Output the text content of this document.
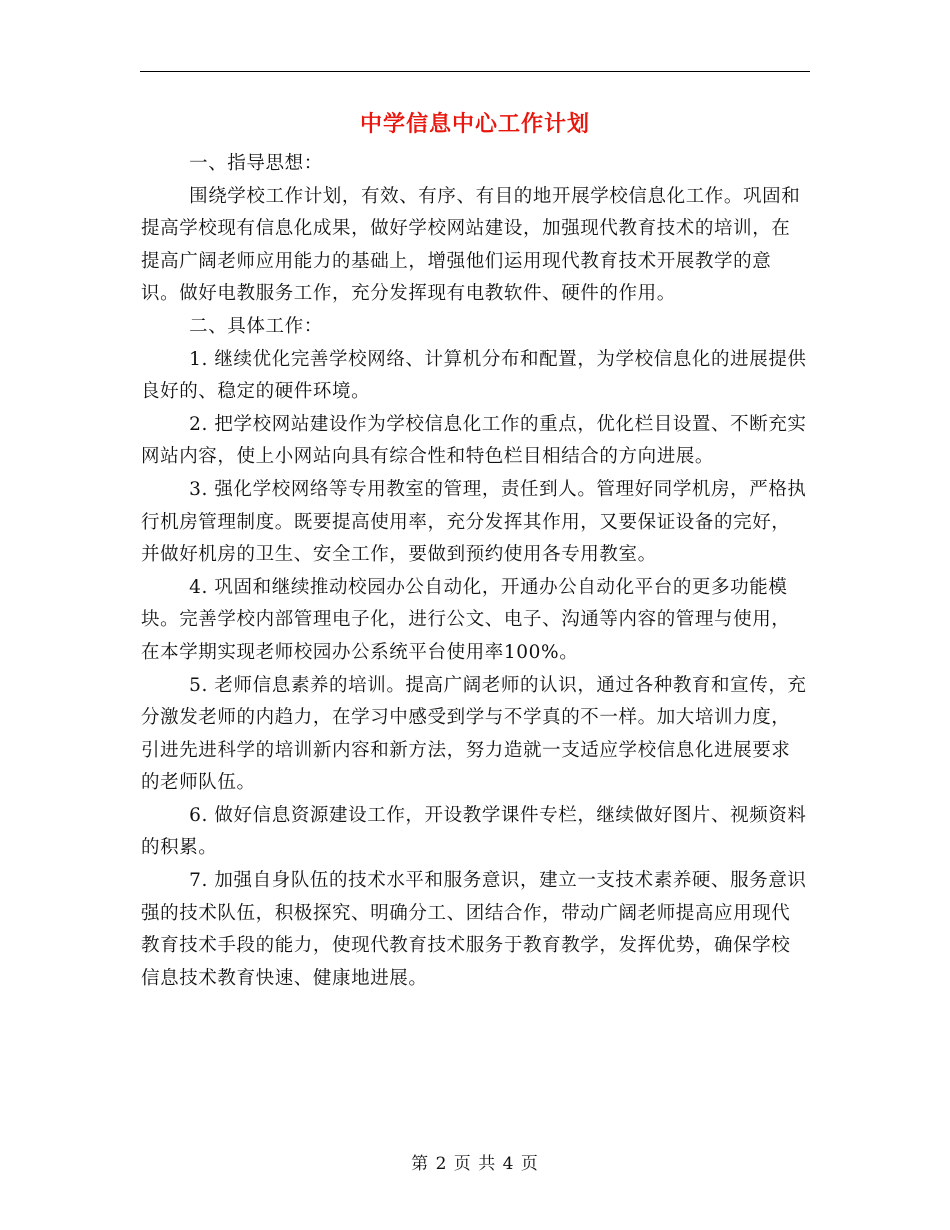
中学信息中心工作计划

一、指导思想：

围绕学校工作计划，有效、有序、有目的地开展学校信息化工作。巩固和提高学校现有信息化成果，做好学校网站建设，加强现代教育技术的培训，在提高广阔老师应用能力的基础上，增强他们运用现代教育技术开展教学的意识。做好电教服务工作，充分发挥现有电教软件、硬件的作用。

二、具体工作：

1. 继续优化完善学校网络、计算机分布和配置，为学校信息化的进展提供良好的、稳定的硬件环境。

2. 把学校网站建设作为学校信息化工作的重点，优化栏目设置、不断充实网站内容，使上小网站向具有综合性和特色栏目相结合的方向进展。

3. 强化学校网络等专用教室的管理，责任到人。管理好同学机房，严格执行机房管理制度。既要提高使用率，充分发挥其作用，又要保证设备的完好，并做好机房的卫生、安全工作，要做到预约使用各专用教室。

4. 巩固和继续推动校园办公自动化，开通办公自动化平台的更多功能模块。完善学校内部管理电子化，进行公文、电子、沟通等内容的管理与使用，在本学期实现老师校园办公系统平台使用率100%。

5. 老师信息素养的培训。提高广阔老师的认识，通过各种教育和宣传，充分激发老师的内趋力，在学习中感受到学与不学真的不一样。加大培训力度，引进先进科学的培训新内容和新方法，努力造就一支适应学校信息化进展要求的老师队伍。

6. 做好信息资源建设工作，开设教学课件专栏，继续做好图片、视频资料的积累。

7. 加强自身队伍的技术水平和服务意识，建立一支技术素养硬、服务意识强的技术队伍，积极探究、明确分工、团结合作，带动广阔老师提高应用现代教育技术手段的能力，使现代教育技术服务于教育教学，发挥优势，确保学校信息技术教育快速、健康地进展。

第 2 页 共 4 页
